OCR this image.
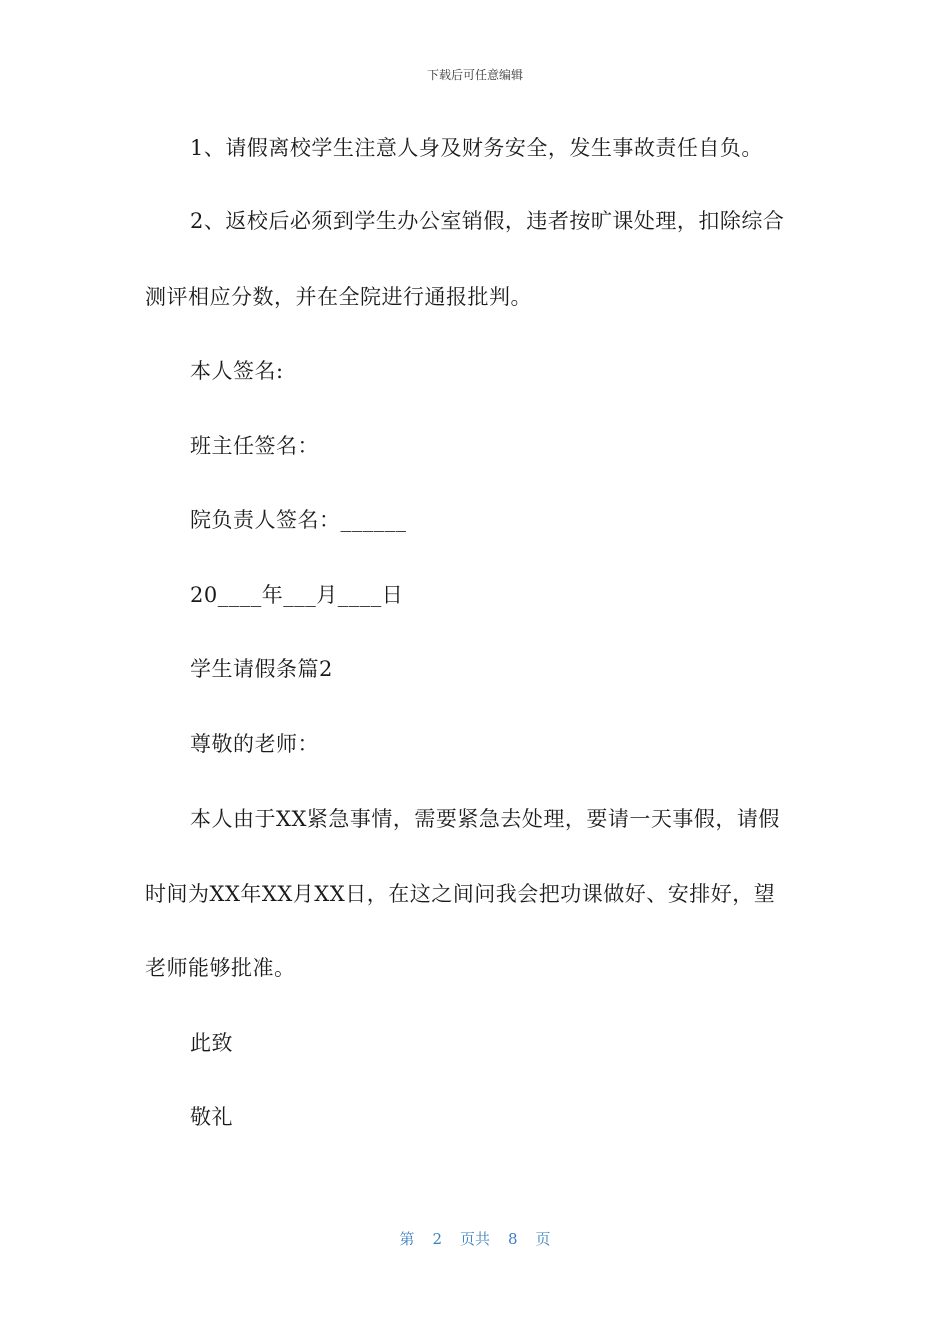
下载后可任意编辑
1、请假离校学生注意人身及财务安全，发生事故责任自负。
2、返校后必须到学生办公室销假，违者按旷课处理，扣除综合
测评相应分数，并在全院进行通报批判。
本人签名:
班主任签名：
院负责人签名：______
20____年___月____日
学生请假条篇2
尊敬的老师：
本人由于XX紧急事情，需要紧急去处理，要请一天事假，请假
时间为XX年XX月XX日，在这之间问我会把功课做好、安排好，望
老师能够批准。
此致
敬礼
第 2 页共 8 页
